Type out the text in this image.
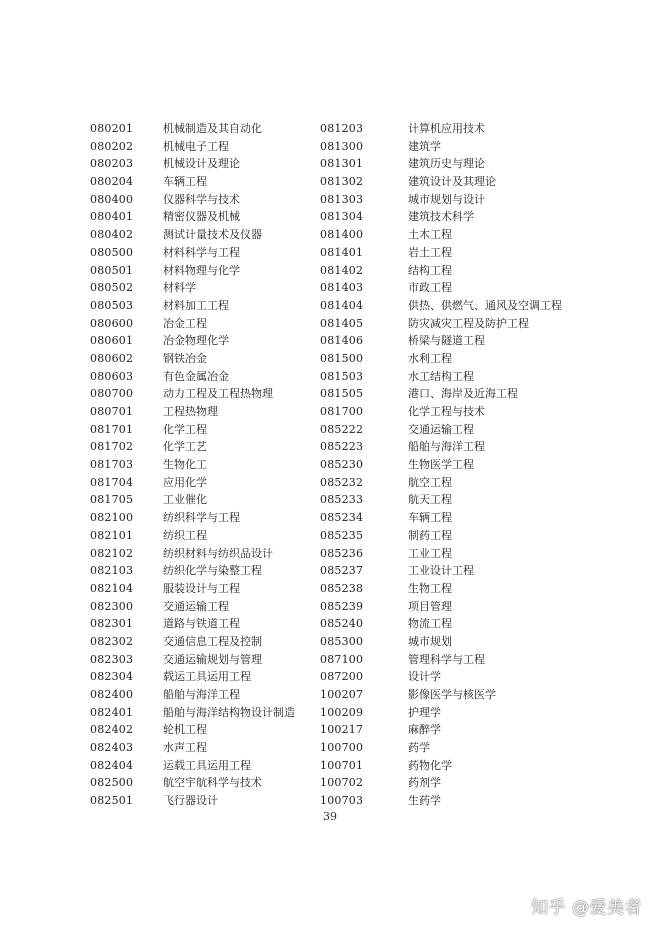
080201	机械制造及其自动化
080202	机械电子工程
080203	机械设计及理论
080204	车辆工程
080400	仪器科学与技术
080401	精密仪器及机械
080402	测试计量技术及仪器
080500	材料科学与工程
080501	材料物理与化学
080502	材料学
080503	材料加工工程
080600	冶金工程
080601	冶金物理化学
080602	钢铁冶金
080603	有色金属冶金
080700	动力工程及工程热物理
080701	工程热物理
081701	化学工程
081702	化学工艺
081703	生物化工
081704	应用化学
081705	工业催化
082100	纺织科学与工程
082101	纺织工程
082102	纺织材料与纺织品设计
082103	纺织化学与染整工程
082104	服装设计与工程
082300	交通运输工程
082301	道路与铁道工程
082302	交通信息工程及控制
082303	交通运输规划与管理
082304	载运工具运用工程
082400	船舶与海洋工程
082401	船舶与海洋结构物设计制造
082402	轮机工程
082403	水声工程
082404	运载工具运用工程
082500	航空宇航科学与技术
082501	飞行器设计
081203	计算机应用技术
081300	建筑学
081301	建筑历史与理论
081302	建筑设计及其理论
081303	城市规划与设计
081304	建筑技术科学
081400	土木工程
081401	岩土工程
081402	结构工程
081403	市政工程
081404	供热、供燃气、通风及空调工程
081405	防灾减灾工程及防护工程
081406	桥梁与隧道工程
081500	水利工程
081503	水工结构工程
081505	港口、海岸及近海工程
081700	化学工程与技术
085222	交通运输工程
085223	船舶与海洋工程
085230	生物医学工程
085232	航空工程
085233	航天工程
085234	车辆工程
085235	制药工程
085236	工业工程
085237	工业设计工程
085238	生物工程
085239	项目管理
085240	物流工程
085300	城市规划
087100	管理科学与工程
087200	设计学
100207	影像医学与核医学
100209	护理学
100217	麻醉学
100700	药学
100701	药物化学
100702	药剂学
100703	生药学
39
知乎 @爱美者
